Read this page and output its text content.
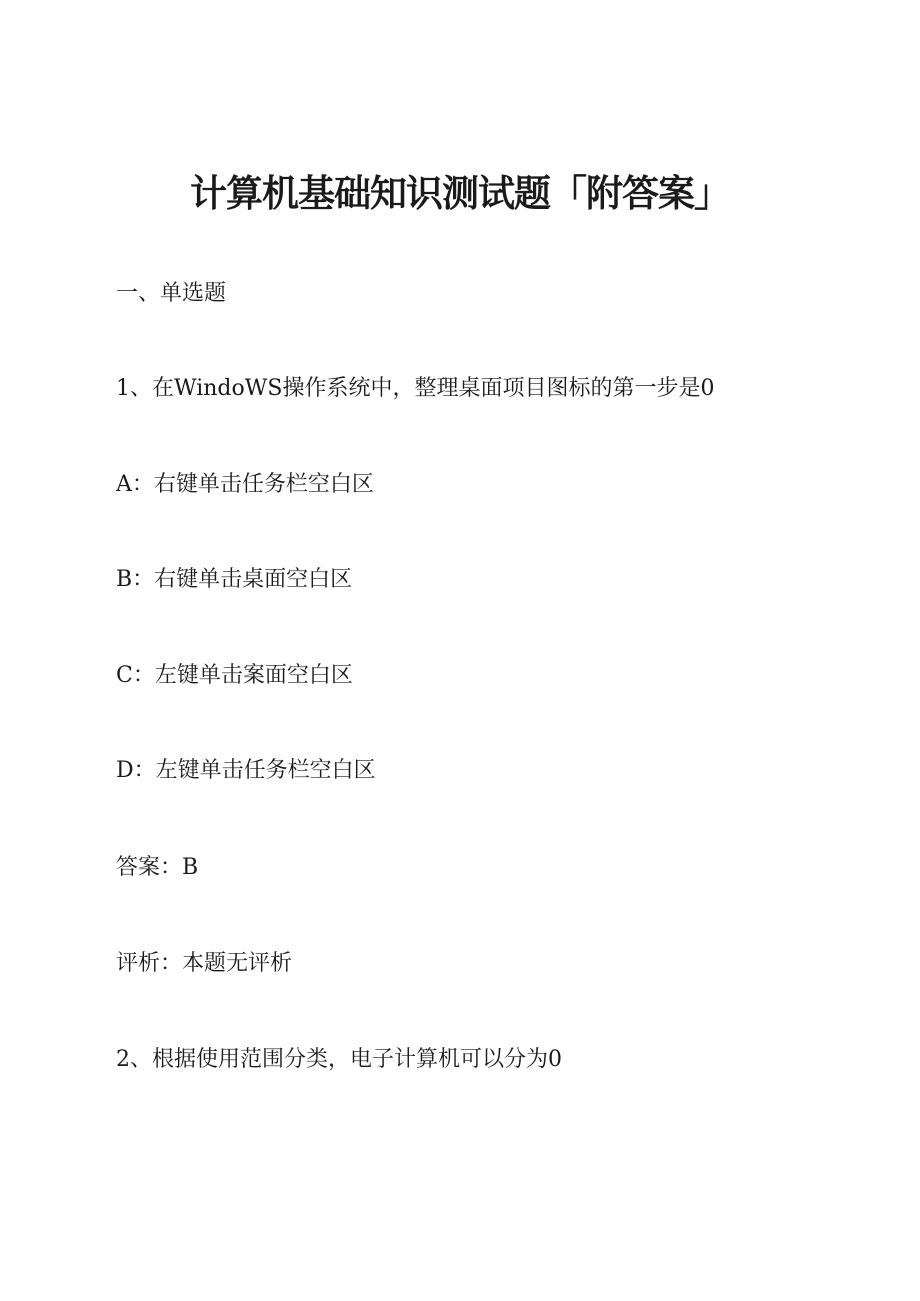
计算机基础知识测试题「附答案」
一、单选题
1、在WindoWS操作系统中，整理桌面项目图标的第一步是0
A：右键单击任务栏空白区
B：右键单击桌面空白区
C：左键单击案面空白区
D：左键单击任务栏空白区
答案：B
评析：本题无评析
2、根据使用范围分类，电子计算机可以分为0
